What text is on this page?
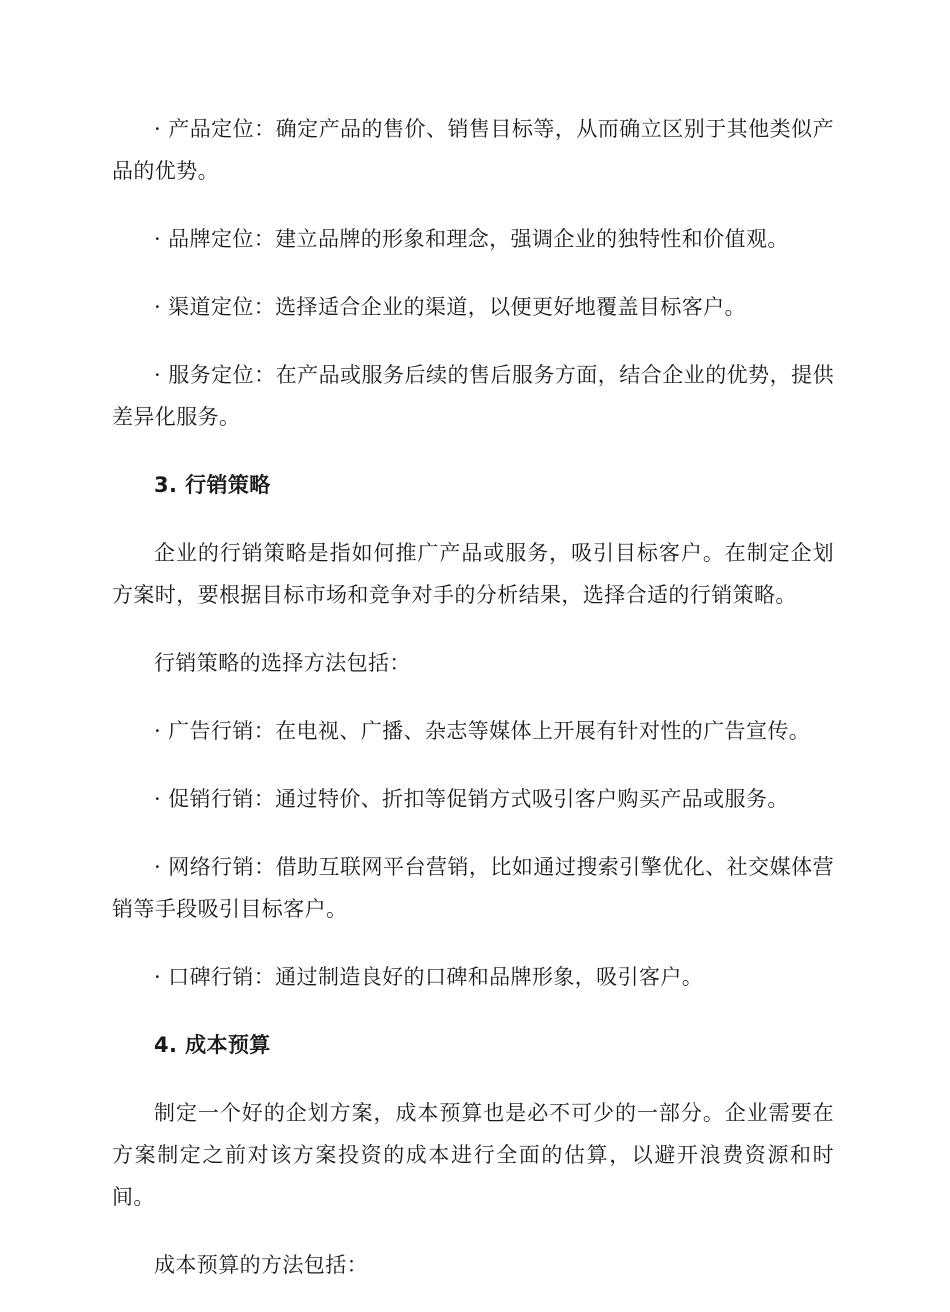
· 产品定位：确定产品的售价、销售目标等，从而确立区别于其他类似产品的优势。

· 品牌定位：建立品牌的形象和理念，强调企业的独特性和价值观。

· 渠道定位：选择适合企业的渠道，以便更好地覆盖目标客户。

· 服务定位：在产品或服务后续的售后服务方面，结合企业的优势，提供差异化服务。

3. 行销策略

企业的行销策略是指如何推广产品或服务，吸引目标客户。在制定企划方案时，要根据目标市场和竞争对手的分析结果，选择合适的行销策略。

行销策略的选择方法包括：

· 广告行销：在电视、广播、杂志等媒体上开展有针对性的广告宣传。

· 促销行销：通过特价、折扣等促销方式吸引客户购买产品或服务。

· 网络行销：借助互联网平台营销，比如通过搜索引擎优化、社交媒体营销等手段吸引目标客户。

· 口碑行销：通过制造良好的口碑和品牌形象，吸引客户。

4. 成本预算

制定一个好的企划方案，成本预算也是必不可少的一部分。企业需要在方案制定之前对该方案投资的成本进行全面的估算，以避开浪费资源和时间。

成本预算的方法包括：
